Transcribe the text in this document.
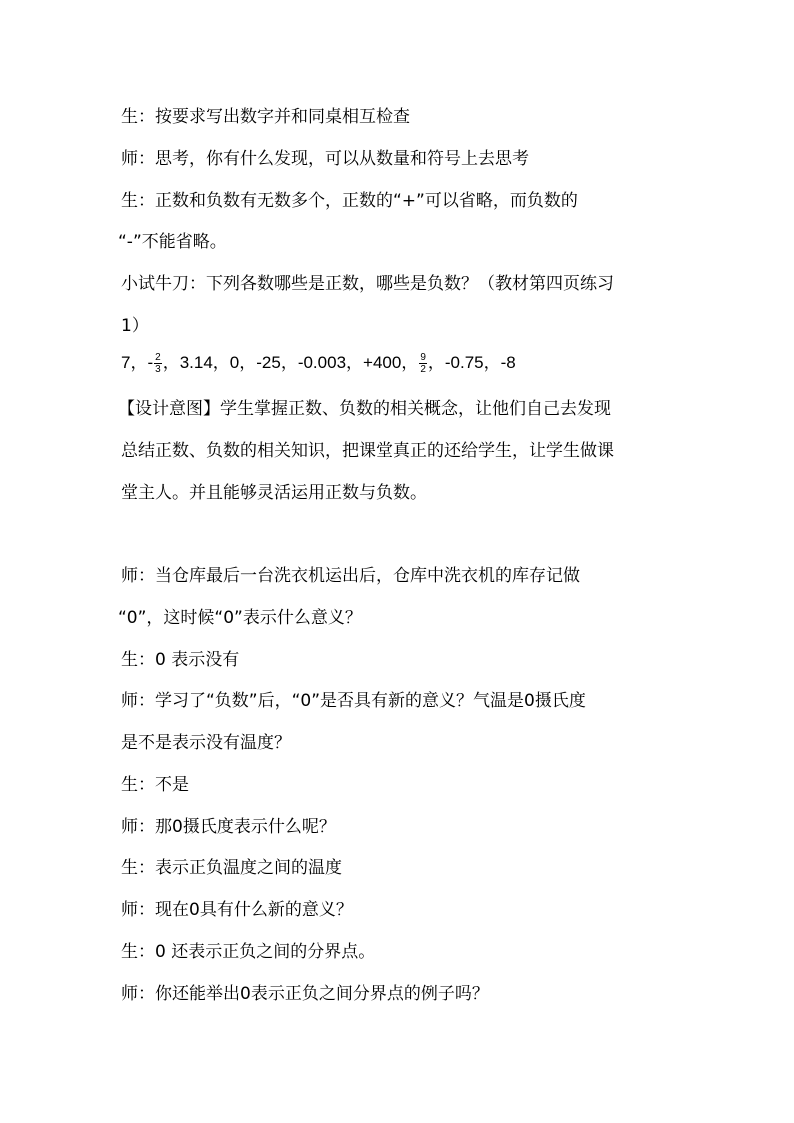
生：按要求写出数字并和同桌相互检查
师：思考，你有什么发现，可以从数量和符号上去思考
生：正数和负数有无数多个，正数的“+”可以省略，而负数的
“-”不能省略。
小试牛刀：下列各数哪些是正数，哪些是负数？（教材第四页练习
1）
7，- $\frac{2}{3}$ ，3.14，0，-25，-0.003，+400， $\frac{9}{2}$ ，-0.75，-8
【设计意图】学生掌握正数、负数的相关概念，让他们自己去发现
总结正数、负数的相关知识，把课堂真正的还给学生，让学生做课
堂主人。并且能够灵活运用正数与负数。
师：当仓库最后一台洗衣机运出后，仓库中洗衣机的库存记做
“0”，这时候“0”表示什么意义？
生：0 表示没有
师：学习了“负数”后，“0”是否具有新的意义？气温是0摄氏度
是不是表示没有温度？
生：不是
师：那0摄氏度表示什么呢？
生：表示正负温度之间的温度
师：现在0具有什么新的意义？
生：0 还表示正负之间的分界点。
师：你还能举出0表示正负之间分界点的例子吗？
